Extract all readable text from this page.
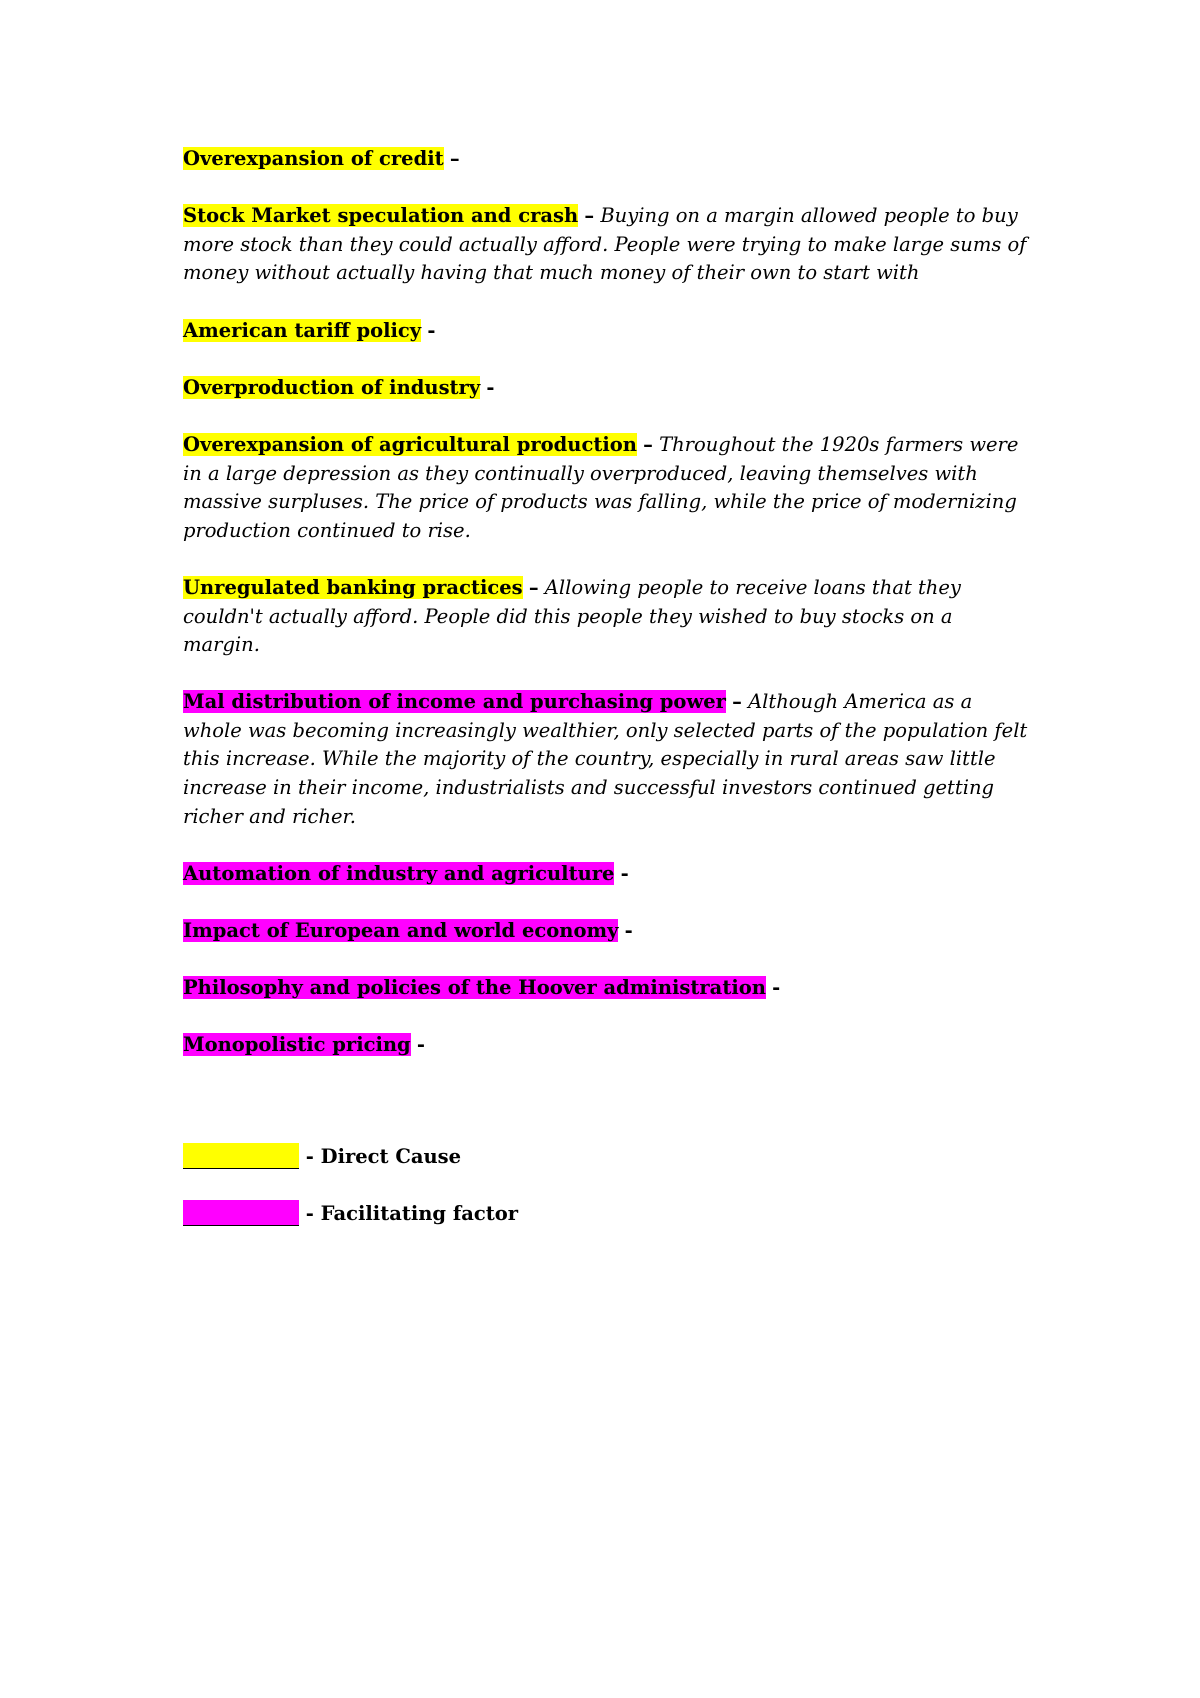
Overexpansion of credit –

Stock Market speculation and crash – Buying on a margin allowed people to buy more stock than they could actually afford. People were trying to make large sums of money without actually having that much money of their own to start with

American tariff policy -

Overproduction of industry -

Overexpansion of agricultural production – Throughout the 1920s farmers were in a large depression as they continually overproduced, leaving themselves with massive surpluses. The price of products was falling, while the price of modernizing production continued to rise.

Unregulated banking practices – Allowing people to receive loans that they couldn't actually afford. People did this people they wished to buy stocks on a margin.

Mal distribution of income and purchasing power – Although America as a whole was becoming increasingly wealthier, only selected parts of the population felt this increase. While the majority of the country, especially in rural areas saw little increase in their income, industrialists and successful investors continued getting richer and richer.

Automation of industry and agriculture -

Impact of European and world economy -

Philosophy and policies of the Hoover administration -

Monopolistic pricing -

- Direct Cause
- Facilitating factor
